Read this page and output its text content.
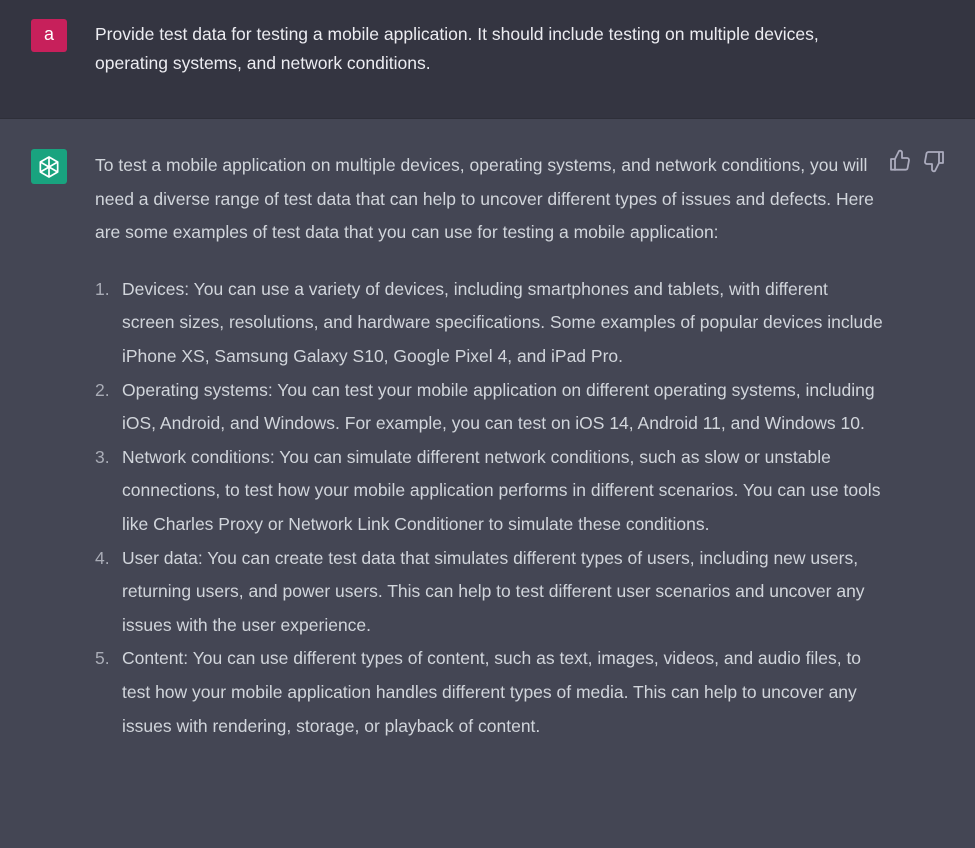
a	Provide test data for testing a mobile application. It should include testing on multiple devices, operating systems, and network conditions.

To test a mobile application on multiple devices, operating systems, and network conditions, you will need a diverse range of test data that can help to uncover different types of issues and defects. Here are some examples of test data that you can use for testing a mobile application:

1. Devices: You can use a variety of devices, including smartphones and tablets, with different screen sizes, resolutions, and hardware specifications. Some examples of popular devices include iPhone XS, Samsung Galaxy S10, Google Pixel 4, and iPad Pro.
2. Operating systems: You can test your mobile application on different operating systems, including iOS, Android, and Windows. For example, you can test on iOS 14, Android 11, and Windows 10.
3. Network conditions: You can simulate different network conditions, such as slow or unstable connections, to test how your mobile application performs in different scenarios. You can use tools like Charles Proxy or Network Link Conditioner to simulate these conditions.
4. User data: You can create test data that simulates different types of users, including new users, returning users, and power users. This can help to test different user scenarios and uncover any issues with the user experience.
5. Content: You can use different types of content, such as text, images, videos, and audio files, to test how your mobile application handles different types of media. This can help to uncover any issues with rendering, storage, or playback of content.
